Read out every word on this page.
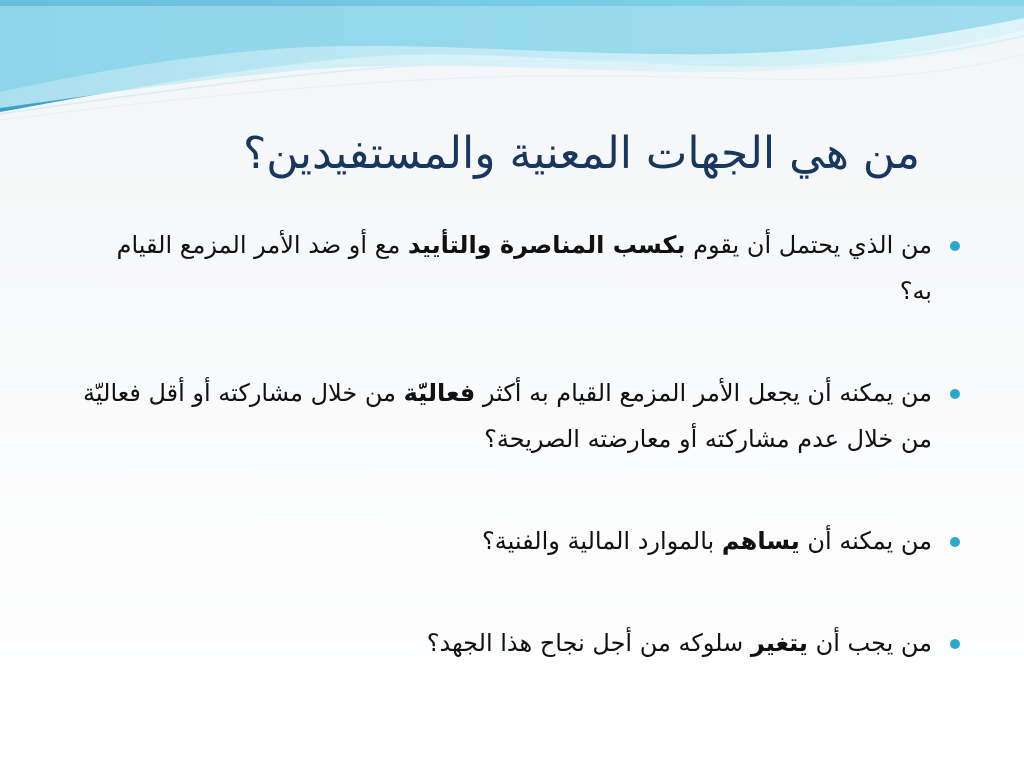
من هي الجهات المعنية والمستفيدين؟
من الذي يحتمل أن يقوم بكسب المناصرة والتأييد مع أو ضد الأمر المزمع القيام به؟
من يمكنه أن يجعل الأمر المزمع القيام به أكثر فعاليّة من خلال مشاركته أو أقل فعاليّة من خلال عدم مشاركته أو معارضته الصريحة؟
من يمكنه أن يساهم بالموارد المالية والفنية؟
من يجب أن يتغير سلوكه من أجل نجاح هذا الجهد؟
